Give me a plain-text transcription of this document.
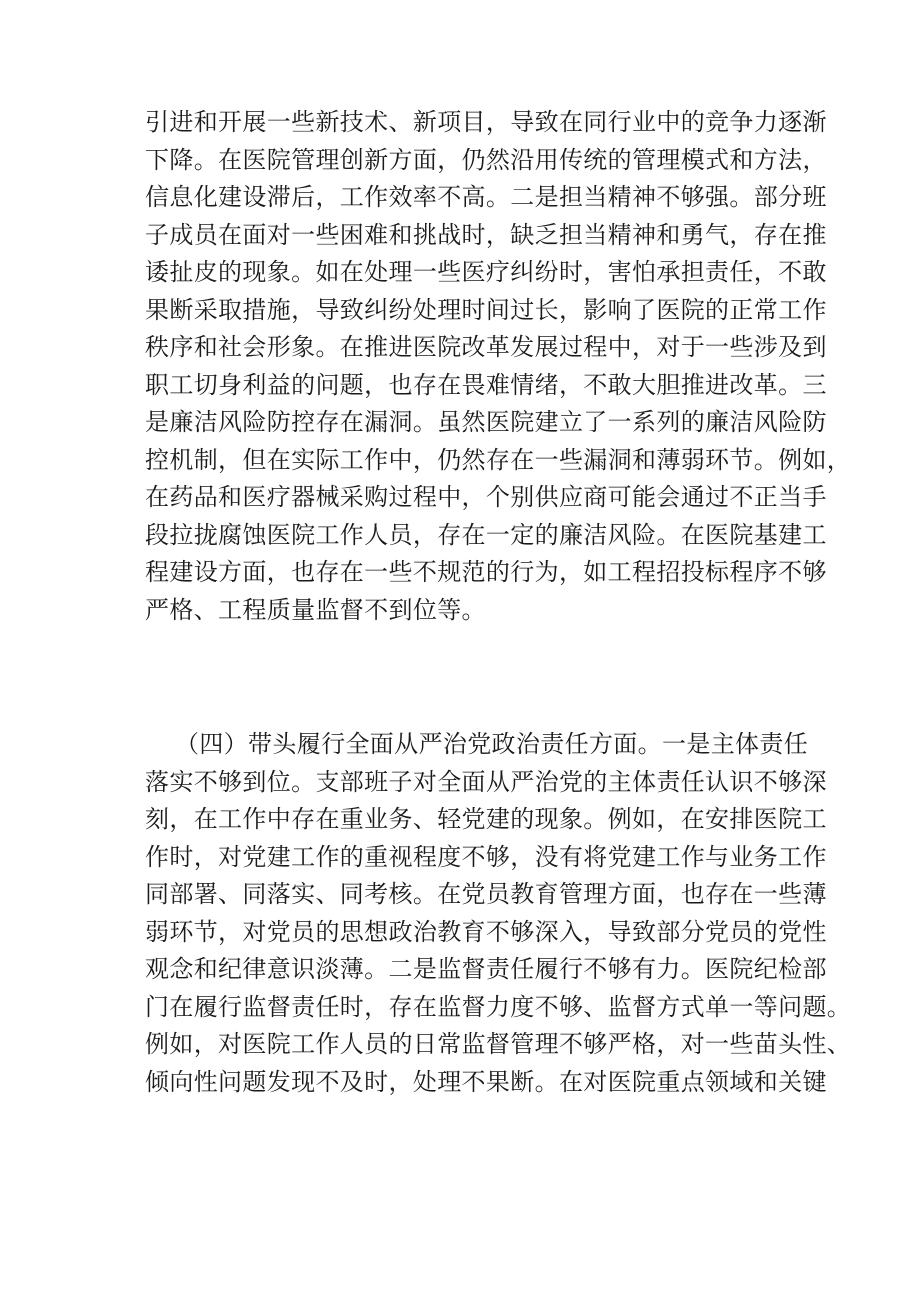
引进和开展一些新技术、新项目，导致在同行业中的竞争力逐渐
下降。在医院管理创新方面，仍然沿用传统的管理模式和方法，
信息化建设滞后，工作效率不高。二是担当精神不够强。部分班
子成员在面对一些困难和挑战时，缺乏担当精神和勇气，存在推
诿扯皮的现象。如在处理一些医疗纠纷时，害怕承担责任，不敢
果断采取措施，导致纠纷处理时间过长，影响了医院的正常工作
秩序和社会形象。在推进医院改革发展过程中，对于一些涉及到
职工切身利益的问题，也存在畏难情绪，不敢大胆推进改革。三
是廉洁风险防控存在漏洞。虽然医院建立了一系列的廉洁风险防
控机制，但在实际工作中，仍然存在一些漏洞和薄弱环节。例如，
在药品和医疗器械采购过程中，个别供应商可能会通过不正当手
段拉拢腐蚀医院工作人员，存在一定的廉洁风险。在医院基建工
程建设方面，也存在一些不规范的行为，如工程招投标程序不够
严格、工程质量监督不到位等。
（四）带头履行全面从严治党政治责任方面。一是主体责任
落实不够到位。支部班子对全面从严治党的主体责任认识不够深
刻，在工作中存在重业务、轻党建的现象。例如，在安排医院工
作时，对党建工作的重视程度不够，没有将党建工作与业务工作
同部署、同落实、同考核。在党员教育管理方面，也存在一些薄
弱环节，对党员的思想政治教育不够深入，导致部分党员的党性
观念和纪律意识淡薄。二是监督责任履行不够有力。医院纪检部
门在履行监督责任时，存在监督力度不够、监督方式单一等问题。
例如，对医院工作人员的日常监督管理不够严格，对一些苗头性、
倾向性问题发现不及时，处理不果断。在对医院重点领域和关键
